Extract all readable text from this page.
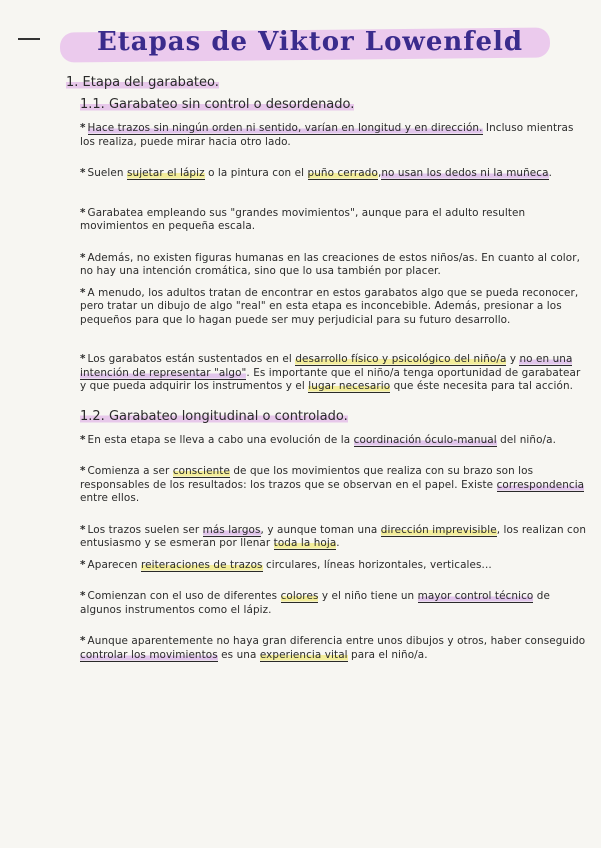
Etapas de Viktor Lowenfeld
1. Etapa del garabateo.
1.1. Garabateo sin control o desordenado.

* Hace trazos sin ningún orden ni sentido, varían en longitud y en dirección. Incluso mientras los realiza, puede mirar hacia otro lado.

* Suelen sujetar el lápiz o la pintura con el puño cerrado,no usan los dedos ni la muñeca.

* Garabatea empleando sus "grandes movimientos", aunque para el adulto resulten movimientos en pequeña escala.

* Además, no existen figuras humanas en las creaciones de estos niños/as. En cuanto al color, no hay una intención cromática, sino que lo usa también por placer.

* A menudo, los adultos tratan de encontrar en estos garabatos algo que se pueda reconocer, pero tratar un dibujo de algo "real" en esta etapa es inconcebible. Además, presionar a los pequeños para que lo hagan puede ser muy perjudicial para su futuro desarrollo.

* Los garabatos están sustentados en el desarrollo físico y psicológico del niño/a y no en una intención de representar "algo". Es importante que el niño/a tenga oportunidad de garabatear y que pueda adquirir los instrumentos y el lugar necesario que éste necesita para tal acción.

1.2. Garabateo longitudinal o controlado.

* En esta etapa se lleva a cabo una evolución de la coordinación óculo-manual del niño/a.

* Comienza a ser consciente de que los movimientos que realiza con su brazo son los responsables de los resultados: los trazos que se observan en el papel. Existe correspondencia entre ellos.

* Los trazos suelen ser más largos, y aunque toman una dirección imprevisible, los realizan con entusiasmo y se esmeran por llenar toda la hoja.

* Aparecen reiteraciones de trazos circulares, líneas horizontales, verticales...

* Comienzan con el uso de diferentes colores y el niño tiene un mayor control técnico de algunos instrumentos como el lápiz.

* Aunque aparentemente no haya gran diferencia entre unos dibujos y otros, haber conseguido controlar los movimientos es una experiencia vital para el niño/a.
